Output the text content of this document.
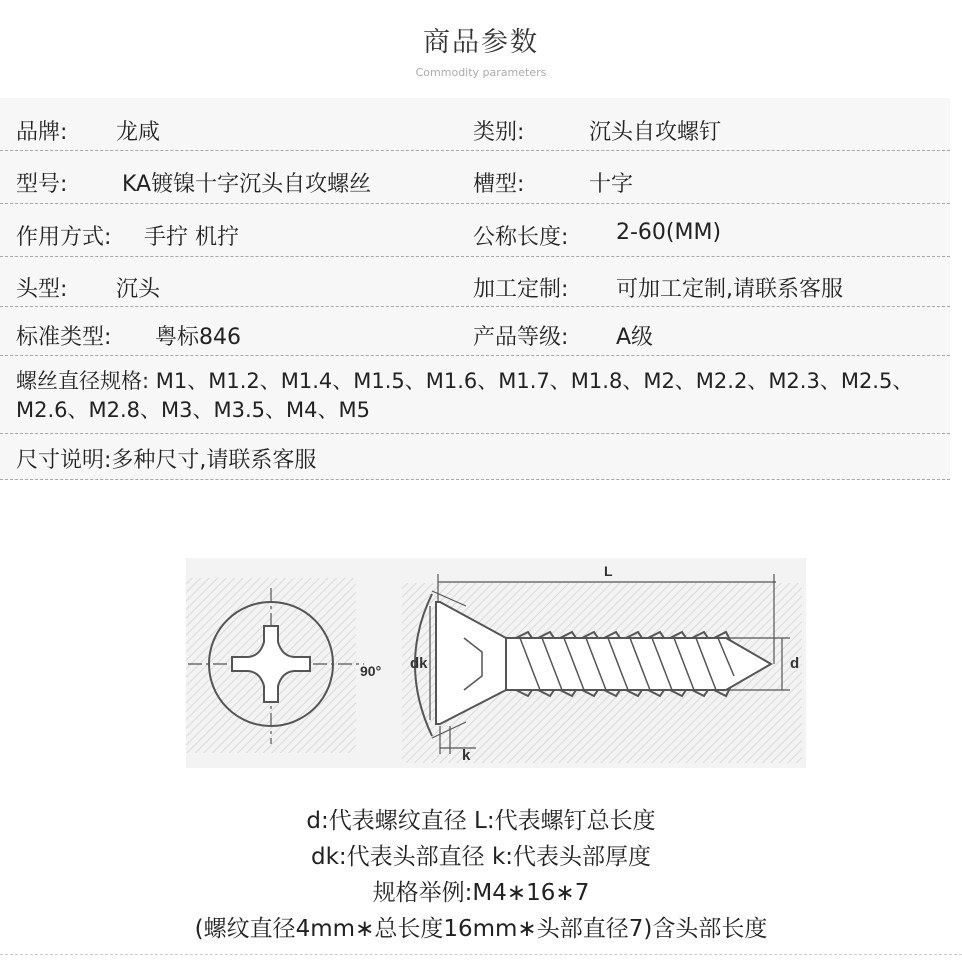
商品参数
Commodity parameters
品牌: 龙咸	类别:	沉头自攻螺钉
型号: KA镀镍十字沉头自攻螺丝	槽型:	十字
作用方式: 手拧 机拧	公称长度: 2-60(MM)
头型: 沉头	加工定制: 可加工定制,请联系客服
标准类型: 粤标846	产品等级: A级
螺丝直径规格: M1、M1.2、M1.4、M1.5、M1.6、M1.7、M1.8、M2、M2.2、M2.3、M2.5、M2.6、M2.8、M3、M3.5、M4、M5
尺寸说明:多种尺寸,请联系客服
L
90° dk	d
k
d:代表螺纹直径 L:代表螺钉总长度
dk:代表头部直径 k:代表头部厚度
规格举例:M4∗16∗7
(螺纹直径4mm∗总长度16mm∗头部直径7)含头部长度
